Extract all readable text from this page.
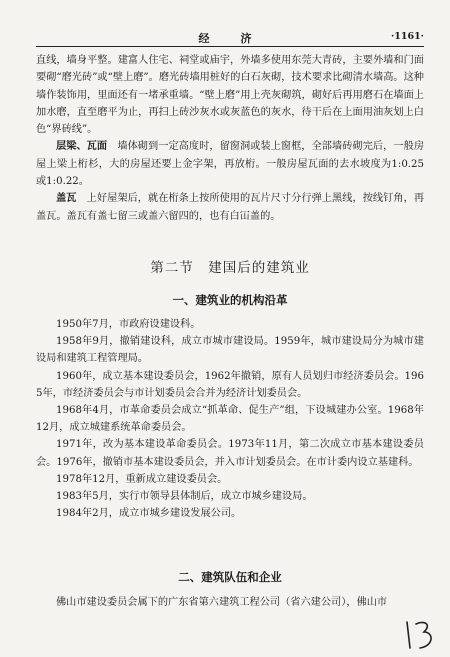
经　济	·1161·

直线，墙身平整。建富人住宅、祠堂或庙宇，外墙多使用东莞大青砖，主要外墙和门面要砌“磨光砖”或“壁上磨”。磨光砖墙用桩好的白石灰砌，技术要求比砌清水墙高。这种墙作装饰用，里面还有一堵承重墙。“壁上磨”用上壳灰砌筑，砌好后再用磨石在墙面上加水磨，直至磨平为止，再扫上砖沙灰水或灰蓝色的灰水，待干后在上面用油灰划上白色“界砖线”。

层梁、瓦面　墙体砌到一定高度时，留窗洞或装上窗框，全部墙砖砌完后，一般房屋上梁上桁杉，大的房屋还要上金字架，再放桁。一般房屋瓦面的去水坡度为1:0.25或1:0.22。

盖瓦　上好屋架后，就在桁条上按所使用的瓦片尺寸分行弹上黑线，按线钉角，再盖瓦。盖瓦有盖七留三或盖六留四的，也有白冚盖的。

第二节　建国后的建筑业
一、建筑业的机构沿革

1950年7月，市政府设建设科。

1958年9月，撤销建设科，成立市城市建设局。1959年，城市建设局分为城市建设局和建筑工程管理局。

1960年，成立基本建设委员会，1962年撤销，原有人员划归市经济委员会。1965年，市经济委员会与市计划委员会合并为经济计划委员会。

1968年4月，市革命委员会成立“抓革命、促生产”组，下设城建办公室。1968年12月，成立城建系统革命委员会。

1971年，改为基本建设革命委员会。1973年11月，第二次成立市基本建设委员会。1976年，撤销市基本建设委员会，并入市计划委员会。在市计委内设立基建科。

1978年12月，重新成立建设委员会。

1983年5月，实行市领导县体制后，成立市城乡建设局。

1984年2月，成立市城乡建设发展公司。

二、建筑队伍和企业

佛山市建设委员会属下的广东省第六建筑工程公司（省六建公司），佛山市
